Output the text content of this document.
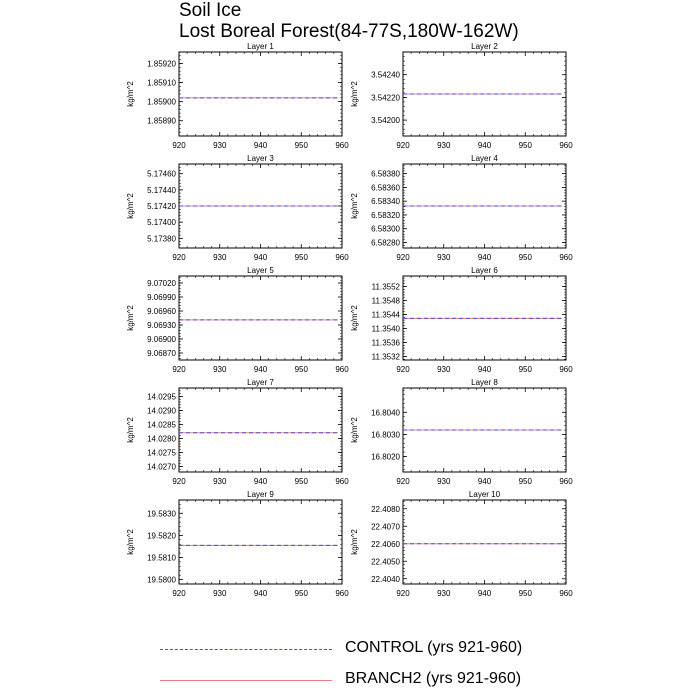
Soil Ice
Lost Boreal Forest(84-77S,180W-162W)
Layer 1
920	930	940	950	960
1.85890
1.85900
1.85910
1.85920
kg/m^2
Layer 2
920	930	940	950	960
3.54200
3.54220
3.54240
kg/m^2
Layer 3
920	930	940	950	960
5.17380
5.17400
5.17420
5.17440
5.17460
kg/m^2
Layer 4
920	930	940	950	960
6.58280
6.58300
6.58320
6.58340
6.58360
6.58380
kg/m^2
Layer 5
920	930	940	950	960
9.06870
9.06900
9.06930
9.06960
9.06990
9.07020
kg/m^2
Layer 6
920	930	940	950	960
11.3532
11.3536
11.3540
11.3544
11.3548
11.3552
kg/m^2
Layer 7
920	930	940	950	960
14.0270
14.0275
14.0280
14.0285
14.0290
14.0295
kg/m^2
Layer 8
920	930	940	950	960
16.8020
16.8030
16.8040
kg/m^2
Layer 9
920	930	940	950	960
19.5800
19.5810
19.5820
19.5830
kg/m^2
Layer 10
920	930	940	950	960
22.4040
22.4050
22.4060
22.4070
22.4080
kg/m^2
CONTROL (yrs 921-960)
BRANCH2 (yrs 921-960)
